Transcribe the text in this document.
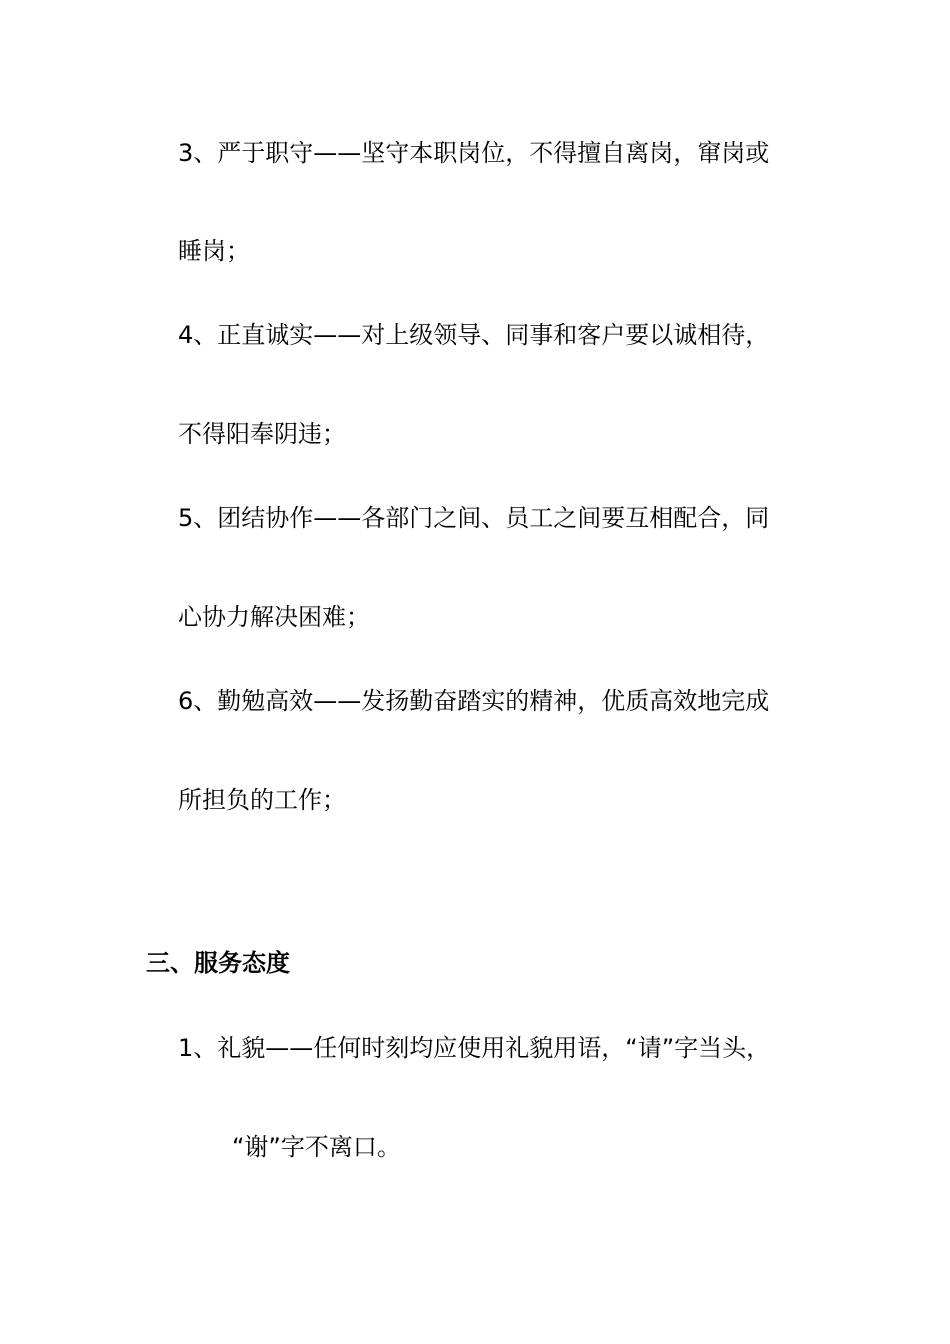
3、严于职守——坚守本职岗位，不得擅自离岗，窜岗或
睡岗；
4、正直诚实——对上级领导、同事和客户要以诚相待，
不得阳奉阴违；
5、团结协作——各部门之间、员工之间要互相配合，同
心协力解决困难；
6、勤勉高效——发扬勤奋踏实的精神，优质高效地完成
所担负的工作；
三、服务态度
1、礼貌——任何时刻均应使用礼貌用语，“请”字当头，
“谢”字不离口。
